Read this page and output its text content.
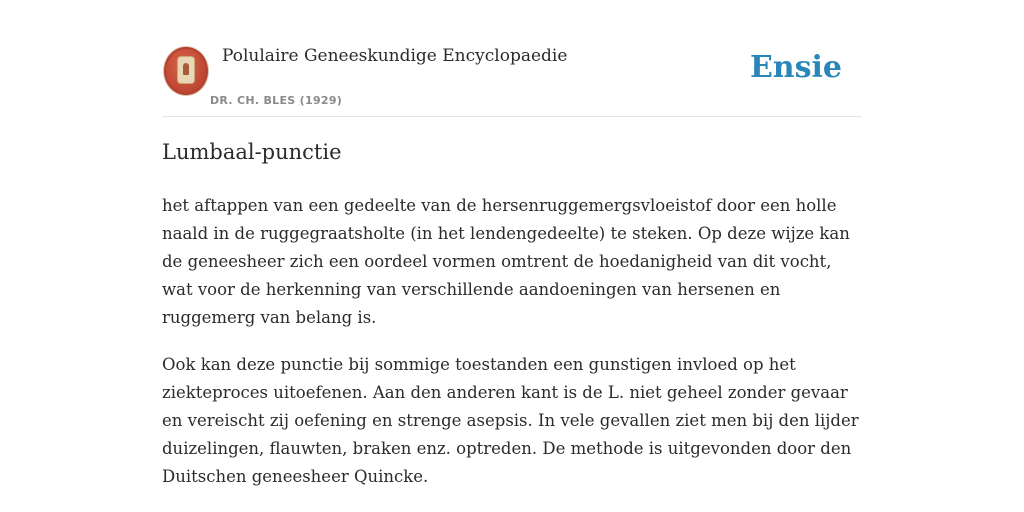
Polulaire Geneeskundige Encyclopaedie
DR. CH. BLES (1929)
Ensie
Lumbaal-punctie

het aftappen van een gedeelte van de hersenruggemergsvloeistof door een holle naald in de ruggegraatsholte (in het lendengedeelte) te steken. Op deze wijze kan de geneesheer zich een oordeel vormen omtrent de hoedanigheid van dit vocht, wat voor de herkenning van verschillende aandoeningen van hersenen en ruggemerg van belang is.

Ook kan deze punctie bij sommige toestanden een gunstigen invloed op het ziekteproces uitoefenen. Aan den anderen kant is de L. niet geheel zonder gevaar en vereischt zij oefening en strenge asepsis. In vele gevallen ziet men bij den lijder duizelingen, flauwten, braken enz. optreden. De methode is uitgevonden door den Duitschen geneesheer Quincke.
